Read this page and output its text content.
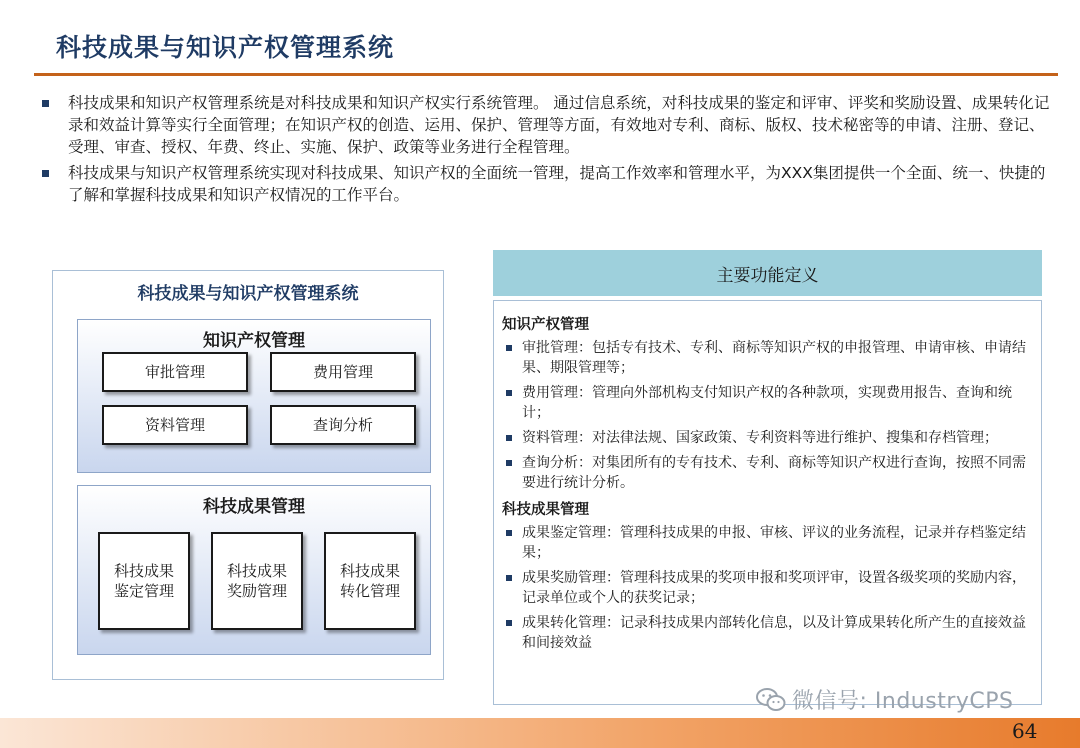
科技成果与知识产权管理系统
科技成果和知识产权管理系统是对科技成果和知识产权实行系统管理。 通过信息系统，对科技成果的鉴定和评审、评奖和奖励设置、成果转化记录和效益计算等实行全面管理；在知识产权的创造、运用、保护、管理等方面，有效地对专利、商标、版权、技术秘密等的申请、注册、登记、受理、审查、授权、年费、终止、实施、保护、政策等业务进行全程管理。
科技成果与知识产权管理系统实现对科技成果、知识产权的全面统一管理，提高工作效率和管理水平，为XXX集团提供一个全面、统一、快捷的了解和掌握科技成果和知识产权情况的工作平台。
科技成果与知识产权管理系统
知识产权管理
审批管理	费用管理
资料管理	查询分析
科技成果管理
科技成果
鉴定管理
科技成果
奖励管理
科技成果
转化管理
主要功能定义
知识产权管理
审批管理：包括专有技术、专利、商标等知识产权的申报管理、申请审核、申请结果、期限管理等；
费用管理：管理向外部机构支付知识产权的各种款项，实现费用报告、查询和统计；
资料管理：对法律法规、国家政策、专利资料等进行维护、搜集和存档管理；
查询分析：对集团所有的专有技术、专利、商标等知识产权进行查询，按照不同需要进行统计分析。
科技成果管理
成果鉴定管理：管理科技成果的申报、审核、评议的业务流程，记录并存档鉴定结果；
成果奖励管理：管理科技成果的奖项申报和奖项评审，设置各级奖项的奖励内容，记录单位或个人的获奖记录；
成果转化管理：记录科技成果内部转化信息，以及计算成果转化所产生的直接效益和间接效益
微信号: IndustryCPS
64
